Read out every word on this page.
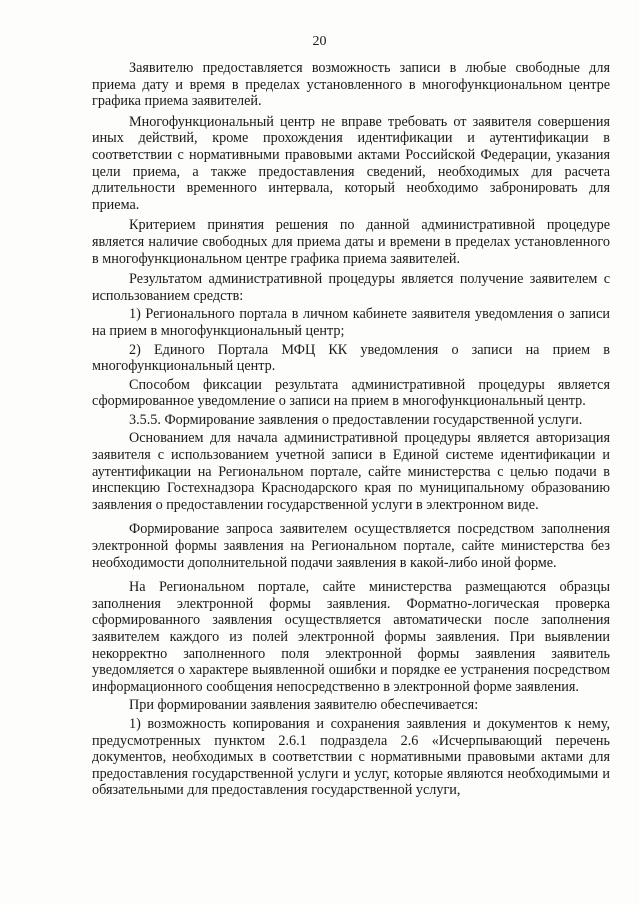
20

Заявителю предоставляется возможность записи в любые свободные для приема дату и время в пределах установленного в многофункциональном центре графика приема заявителей.

Многофункциональный центр не вправе требовать от заявителя совершения иных действий, кроме прохождения идентификации и аутентификации в соответствии с нормативными правовыми актами Российской Федерации, указания цели приема, а также предоставления сведений, необходимых для расчета длительности временного интервала, который необходимо забронировать для приема.

Критерием принятия решения по данной административной процедуре является наличие свободных для приема даты и времени в пределах установленного в многофункциональном центре графика приема заявителей.

Результатом административной процедуры является получение заявителем с использованием средств:

1) Регионального портала в личном кабинете заявителя уведомления о записи на прием в многофункциональный центр;

2) Единого Портала МФЦ КК уведомления о записи на прием в многофункциональный центр.

Способом фиксации результата административной процедуры является сформированное уведомление о записи на прием в многофункциональный центр.

3.5.5. Формирование заявления о предоставлении государственной услуги.

Основанием для начала административной процедуры является авторизация заявителя с использованием учетной записи в Единой системе идентификации и аутентификации на Региональном портале, сайте министерства с целью подачи в инспекцию Гостехнадзора Краснодарского края по муниципальному образованию заявления о предоставлении государственной услуги в электронном виде.

Формирование запроса заявителем осуществляется посредством заполнения электронной формы заявления на Региональном портале, сайте министерства без необходимости дополнительной подачи заявления в какой-либо иной форме.

На Региональном портале, сайте министерства размещаются образцы заполнения электронной формы заявления. Форматно-логическая проверка сформированного заявления осуществляется автоматически после заполнения заявителем каждого из полей электронной формы заявления. При выявлении некорректно заполненного поля электронной формы заявления заявитель уведомляется о характере выявленной ошибки и порядке ее устранения посредством информационного сообщения непосредственно в электронной форме заявления.

При формировании заявления заявителю обеспечивается:

1) возможность копирования и сохранения заявления и документов к нему, предусмотренных пунктом 2.6.1 подраздела 2.6 «Исчерпывающий перечень документов, необходимых в соответствии с нормативными правовыми актами для предоставления государственной услуги и услуг, которые являются необходимыми и обязательными для предоставления государственной услуги,
